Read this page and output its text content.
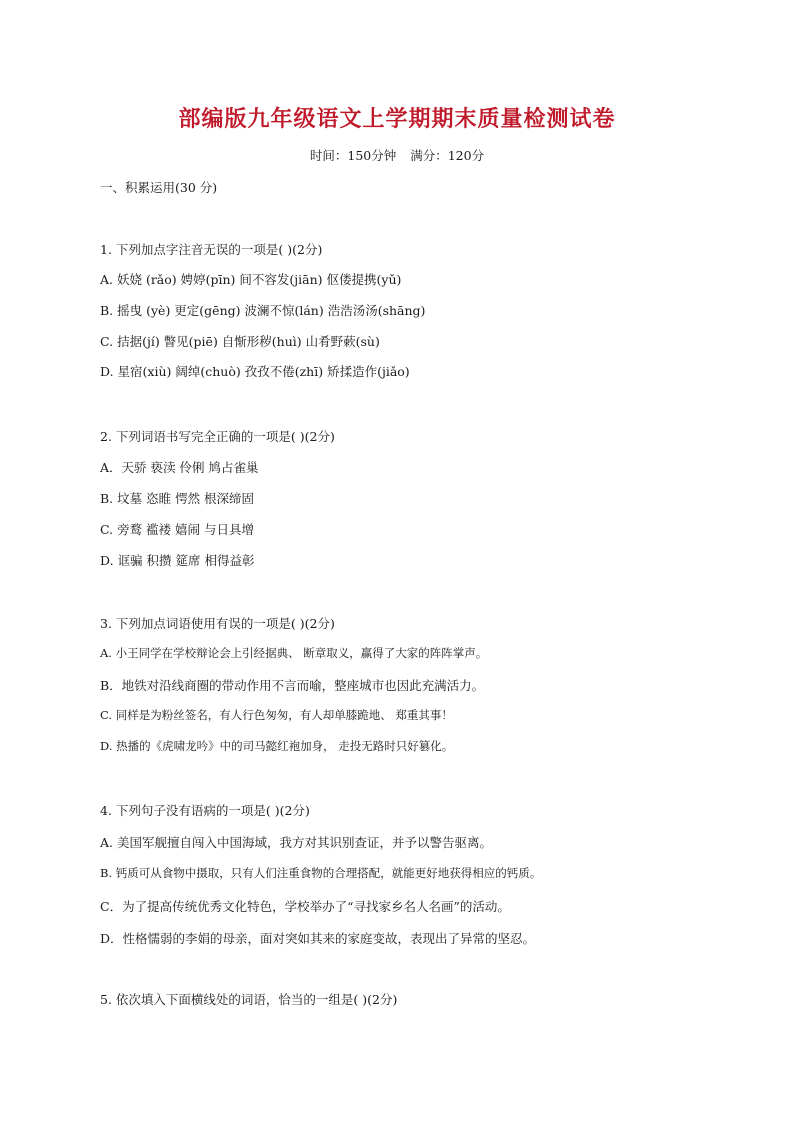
部编版九年级语文上学期期末质量检测试卷
时间：150分钟 满分：120分
一、积累运用(30 分)
1. 下列加点字注音无误的一项是( )(2分)
A. 妖娆 (rǎo) 娉婷(pīn) 间不容发(jiān) 伛偻提携(yǔ)
B. 摇曳 (yè) 更定(gēng) 波澜不惊(lán) 浩浩汤汤(shāng)
C. 拮据(jí) 瞥见(piē) 自惭形秽(huì) 山肴野蔌(sù)
D. 星宿(xiù) 阔绰(chuò) 孜孜不倦(zhī) 矫揉造作(jiǎo)
2. 下列词语书写完全正确的一项是( )(2分)
A．天骄 亵渎 伶俐 鸠占雀巢
B. 坟墓 恣睢 愕然 根深缔固
C. 旁鹜 褴褛 嬉闹 与日具增
D. 诓骗 积攒 筵席 相得益彰
3. 下列加点词语使用有误的一项是( )(2分)
A. 小王同学在学校辩论会上引经据典、 断章取义，赢得了大家的阵阵掌声。
B．地铁对沿线商圈的带动作用不言而喻，整座城市也因此充满活力。
C. 同样是为粉丝签名，有人行色匆匆，有人却单膝跪地、 郑重其事！
D. 热播的《虎啸龙吟》中的司马懿红袍加身， 走投无路时只好篡化。
4. 下列句子没有语病的一项是( )(2分)
A. 美国军舰擅自闯入中国海域，我方对其识别查证，并予以警告驱离。
B. 钙质可从食物中摄取，只有人们注重食物的合理搭配，就能更好地获得相应的钙质。
C．为了提高传统优秀文化特色，学校举办了“寻找家乡名人名画”的活动。
D．性格懦弱的李娟的母亲，面对突如其来的家庭变故，表现出了异常的坚忍。
5. 依次填入下面横线处的词语，恰当的一组是( )(2分)
